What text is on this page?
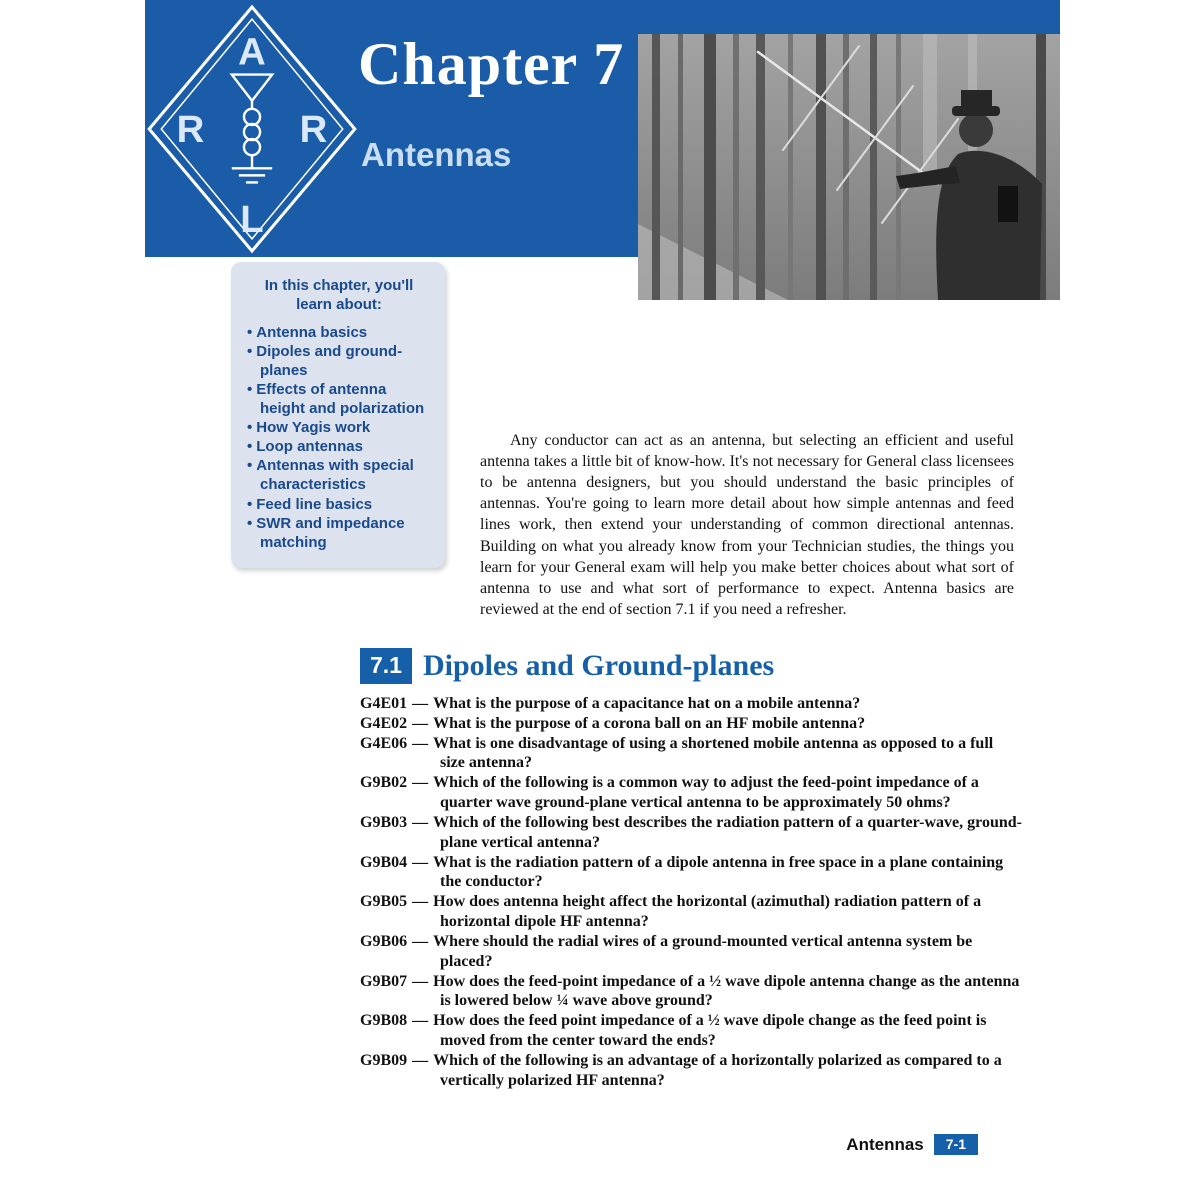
A
R	R
L
Chapter 7
Antennas
In this chapter, you'll learn about:
• Antenna basics
• Dipoles and ground-planes
• Effects of antenna height and polarization
• How Yagis work
• Loop antennas
• Antennas with special characteristics
• Feed line basics
• SWR and impedance matching

Any conductor can act as an antenna, but selecting an efficient and useful antenna takes a little bit of know-how. It's not necessary for General class licensees to be antenna designers, but you should understand the basic principles of antennas. You're going to learn more detail about how simple antennas and feed lines work, then extend your understanding of common directional antennas. Building on what you already know from your Technician studies, the things you learn for your General exam will help you make better choices about what sort of antenna to use and what sort of performance to expect. Antenna basics are reviewed at the end of section 7.1 if you need a refresher.

7.1 Dipoles and Ground-planes
G4E01 — What is the purpose of a capacitance hat on a mobile antenna?
G4E02 — What is the purpose of a corona ball on an HF mobile antenna?
G4E06 — What is one disadvantage of using a shortened mobile antenna as opposed to a full size antenna?
G9B02 — Which of the following is a common way to adjust the feed-point impedance of a quarter wave ground-plane vertical antenna to be approximately 50 ohms?
G9B03 — Which of the following best describes the radiation pattern of a quarter-wave, ground-plane vertical antenna?
G9B04 — What is the radiation pattern of a dipole antenna in free space in a plane containing the conductor?
G9B05 — How does antenna height affect the horizontal (azimuthal) radiation pattern of a horizontal dipole HF antenna?
G9B06 — Where should the radial wires of a ground-mounted vertical antenna system be placed?
G9B07 — How does the feed-point impedance of a ½ wave dipole antenna change as the antenna is lowered below ¼ wave above ground?
G9B08 — How does the feed point impedance of a ½ wave dipole change as the feed point is moved from the center toward the ends?
G9B09 — Which of the following is an advantage of a horizontally polarized as compared to a vertically polarized HF antenna?
Antennas	7-1
